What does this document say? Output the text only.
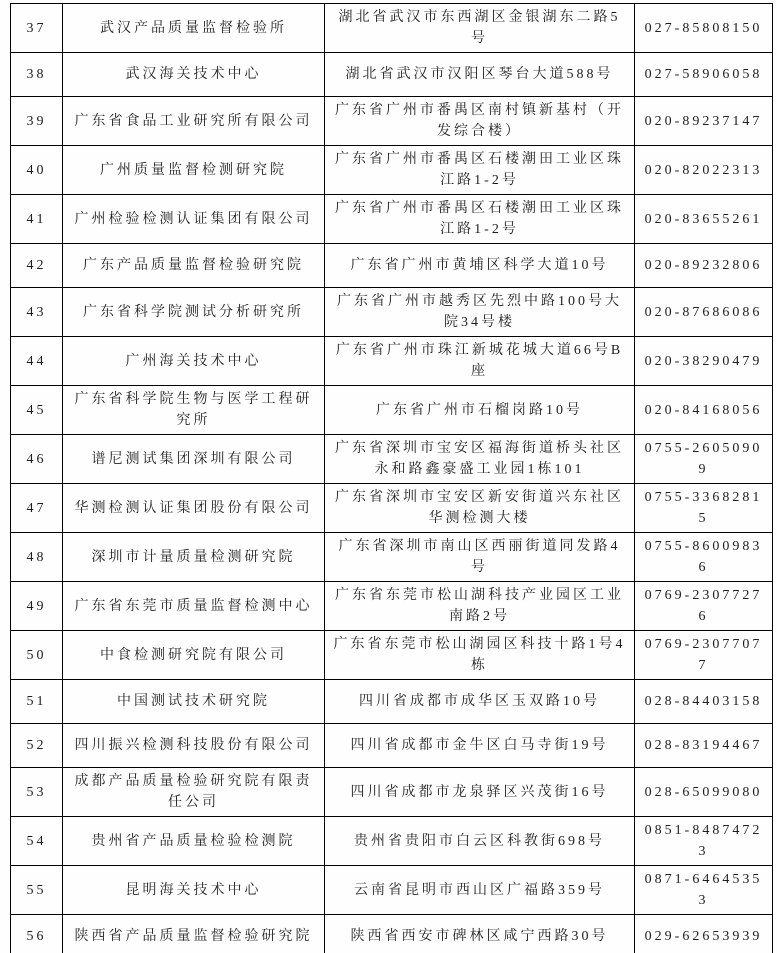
37	武汉产品质量监督检验所	湖北省武汉市东西湖区金银湖东二路5号	027-85808150
38	武汉海关技术中心	湖北省武汉市汉阳区琴台大道588号	027-58906058
39	广东省食品工业研究所有限公司	广东省广州市番禺区南村镇新基村（开发综合楼）	020-89237147
40	广州质量监督检测研究院	广东省广州市番禺区石楼潮田工业区珠江路1-2号	020-82022313
41	广州检验检测认证集团有限公司	广东省广州市番禺区石楼潮田工业区珠江路1-2号	020-83655261
42	广东产品质量监督检验研究院	广东省广州市黄埔区科学大道10号	020-89232806
43	广东省科学院测试分析研究所	广东省广州市越秀区先烈中路100号大院34号楼	020-87686086
44	广州海关技术中心	广东省广州市珠江新城花城大道66号B座	020-38290479
45	广东省科学院生物与医学工程研究所	广东省广州市石榴岗路10号	020-84168056
46	谱尼测试集团深圳有限公司	广东省深圳市宝安区福海街道桥头社区永和路鑫豪盛工业园1栋101	0755-26050909
47	华测检测认证集团股份有限公司	广东省深圳市宝安区新安街道兴东社区华测检测大楼	0755-33682815
48	深圳市计量质量检测研究院	广东省深圳市南山区西丽街道同发路4号	0755-86009836
49	广东省东莞市质量监督检测中心	广东省东莞市松山湖科技产业园区工业南路2号	0769-23077276
50	中食检测研究院有限公司	广东省东莞市松山湖园区科技十路1号4栋	0769-23077077
51	中国测试技术研究院	四川省成都市成华区玉双路10号	028-84403158
52	四川振兴检测科技股份有限公司	四川省成都市金牛区白马寺街19号	028-83194467
53	成都产品质量检验研究院有限责任公司	四川省成都市龙泉驿区兴茂街16号	028-65099080
54	贵州省产品质量检验检测院	贵州省贵阳市白云区科教街698号	0851-84874723
55	昆明海关技术中心	云南省昆明市西山区广福路359号	0871-64645353
56	陕西省产品质量监督检验研究院	陕西省西安市碑林区咸宁西路30号	029-62653939
